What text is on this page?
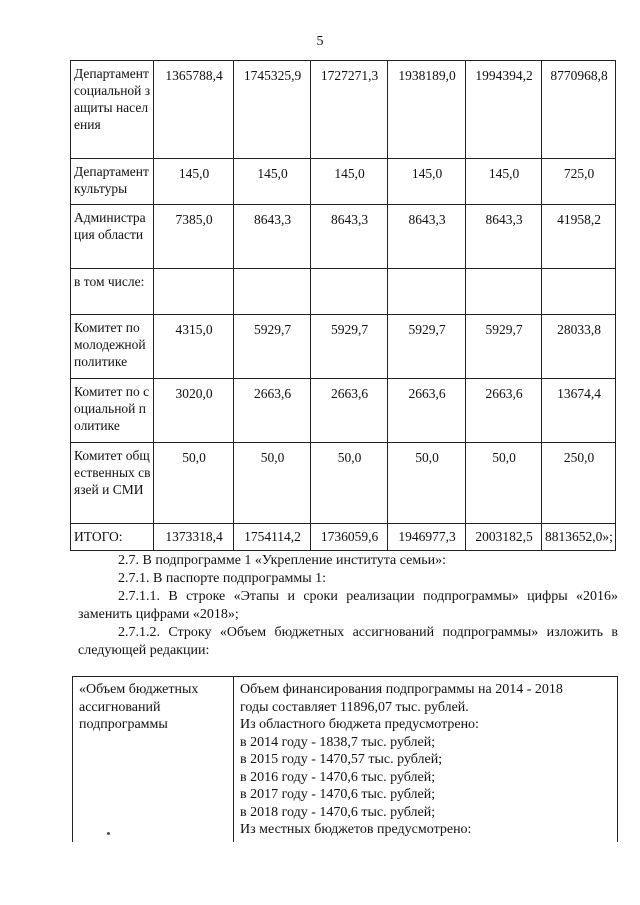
5
Департамент социальной защиты населения	1365788,4	1745325,9	1727271,3	1938189,0	1994394,2	8770968,8
Департамент культуры	145,0	145,0	145,0	145,0	145,0	725,0
Администрация области	7385,0	8643,3	8643,3	8643,3	8643,3	41958,2
в том числе:						
Комитет по молодежной политике	4315,0	5929,7	5929,7	5929,7	5929,7	28033,8
Комитет по социальной политике	3020,0	2663,6	2663,6	2663,6	2663,6	13674,4
Комитет общественных связей и СМИ	50,0	50,0	50,0	50,0	50,0	250,0
ИТОГО:	1373318,4	1754114,2	1736059,6	1946977,3	2003182,5	8813652,0»;

2.7. В подпрограмме 1 «Укрепление института семьи»:

2.7.1. В паспорте подпрограммы 1:

2.7.1.1. В строке «Этапы и сроки реализации подпрограммы» цифры «2016» заменить цифрами «2018»;

2.7.1.2. Строку «Объем бюджетных ассигнований подпрограммы» изложить в следующей редакции:

«Объем бюджетных ассигнований подпрограммы	
Объем финансирования подпрограммы на 2014 - 2018
годы составляет 11896,07 тыс. рублей.
Из областного бюджета предусмотрено:
в 2014 году - 1838,7 тыс. рублей;
в 2015 году - 1470,57 тыс. рублей;
в 2016 году - 1470,6 тыс. рублей;
в 2017 году - 1470,6 тыс. рублей;
в 2018 году - 1470,6 тыс. рублей;
Из местных бюджетов предусмотрено:
